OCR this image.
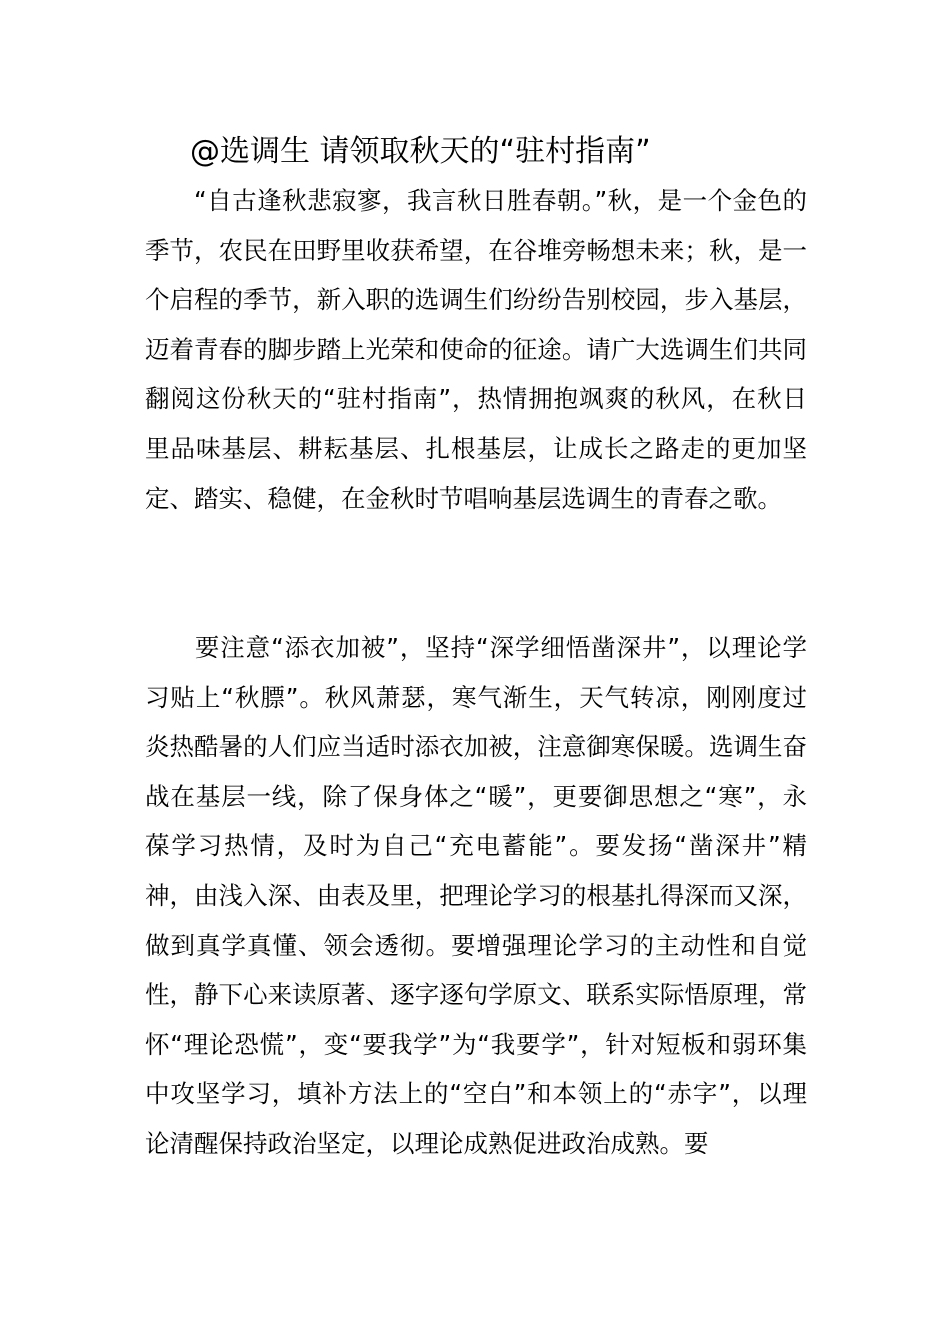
@选调生 请领取秋天的“驻村指南”

“自古逢秋悲寂寥，我言秋日胜春朝。”秋，是一个金色的季节，农民在田野里收获希望，在谷堆旁畅想未来；秋，是一个启程的季节，新入职的选调生们纷纷告别校园，步入基层，迈着青春的脚步踏上光荣和使命的征途。请广大选调生们共同翻阅这份秋天的“驻村指南”，热情拥抱飒爽的秋风，在秋日里品味基层、耕耘基层、扎根基层，让成长之路走的更加坚定、踏实、稳健，在金秋时节唱响基层选调生的青春之歌。

要注意“添衣加被”，坚持“深学细悟凿深井”，以理论学习贴上“秋膘”。秋风萧瑟，寒气渐生，天气转凉，刚刚度过炎热酷暑的人们应当适时添衣加被，注意御寒保暖。选调生奋战在基层一线，除了保身体之“暖”，更要御思想之“寒”，永葆学习热情，及时为自己“充电蓄能”。要发扬“凿深井”精神，由浅入深、由表及里，把理论学习的根基扎得深而又深，做到真学真懂、领会透彻。要增强理论学习的主动性和自觉性，静下心来读原著、逐字逐句学原文、联系实际悟原理，常怀“理论恐慌”，变“要我学”为“我要学”，针对短板和弱环集中攻坚学习，填补方法上的“空白”和本领上的“赤字”，以理论清醒保持政治坚定，以理论成熟促进政治成熟。要
